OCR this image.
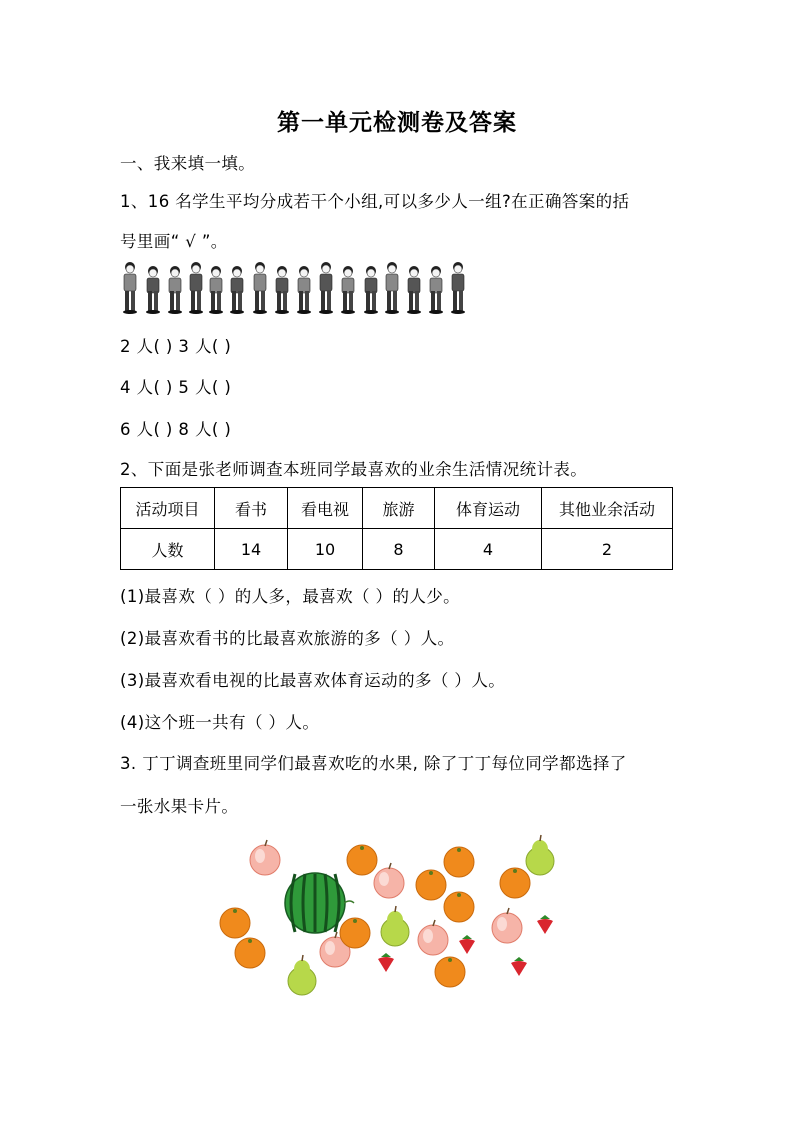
第一单元检测卷及答案
一、我来填一填。
1、16 名学生平均分成若干个小组,可以多少人一组?在正确答案的括
号里画“ √ ”。
2 人( ) 3 人( )
4 人( ) 5 人( )
6 人( ) 8 人( )
2、下面是张老师调查本班同学最喜欢的业余生活情况统计表。
活动项目	看书	看电视	旅游	体育运动	其他业余活动
人数	14	10	8	4	2
(1)最喜欢（ ）的人多，最喜欢（ ）的人少。
(2)最喜欢看书的比最喜欢旅游的多（ ）人。
(3)最喜欢看电视的比最喜欢体育运动的多（ ）人。
(4)这个班一共有（ ）人。
3. 丁丁调查班里同学们最喜欢吃的水果, 除了丁丁每位同学都选择了
一张水果卡片。
